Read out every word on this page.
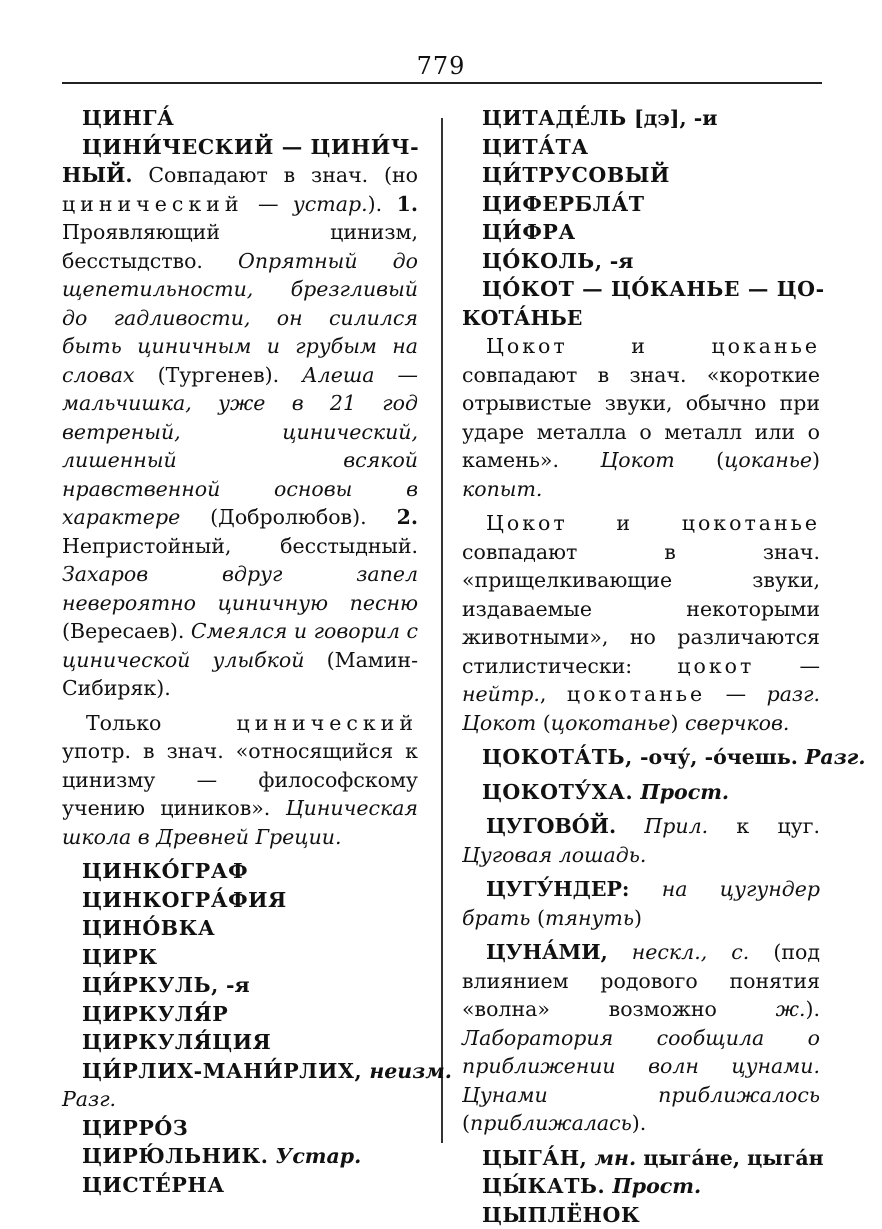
779
ЦИНГА́
ЦИНИ́ЧЕСКИЙ — ЦИНИ́Ч-
НЫЙ. Совпадают в знач. (но цинический — устар.). 1. Проявляющий цинизм, бесстыдство. Опрятный до щепетильности, брезгливый до гадливости, он силился быть циничным и грубым на словах (Тургенев). Алеша — мальчишка, уже в 21 год ветреный, цинический, лишенный всякой нравственной основы в характере (Добролюбов). 2. Непристойный, бесстыдный. Захаров вдруг запел невероятно циничную песню (Вересаев). Смеялся и говорил с цинической улыбкой (Мамин-Сибиряк).
Только цинический употр. в знач. «относящийся к цинизму — философскому учению циников». Циническая школа в Древней Греции.
ЦИНКО́ГРАФ
ЦИНКОГРА́ФИЯ
ЦИНО́ВКА
ЦИРК
ЦИ́РКУЛЬ, -я
ЦИРКУЛЯ́Р
ЦИРКУЛЯ́ЦИЯ
ЦИ́РЛИХ-МАНИ́РЛИХ, неизм.
Разг.
ЦИРРО́З
ЦИРЮ́ЛЬНИК. Устар.
ЦИСТЕ́РНА
ЦИТАДЕ́ЛЬ [дэ], -и
ЦИТА́ТА
ЦИ́ТРУСОВЫЙ
ЦИФЕРБЛА́Т
ЦИ́ФРА
ЦО́КОЛЬ, -я
ЦО́КОТ — ЦО́КАНЬЕ — ЦО-
КОТА́НЬЕ
Цокот и цоканье совпадают в знач. «короткие отрывистые звуки, обычно при ударе металла о металл или о камень». Цокот (цоканье) копыт.
Цокот и цокотанье совпадают в знач. «прищелкивающие звуки, издаваемые некоторыми животными», но различаются стилистически: цокот — нейтр., цокотанье — разг. Цокот (цокотанье) сверчков.
ЦОКОТА́ТЬ, -очу́, -о́чешь. Разг.
ЦОКОТУ́ХА. Прост.
ЦУГОВО́Й. Прил. к цуг. Цуговая лошадь.
ЦУГУ́НДЕР: на цугундер брать (тянуть)
ЦУНА́МИ, нескл., с. (под влиянием родового понятия «волна» возможно ж.). Лаборатория сообщила о приближении волн цунами. Цунами приближалось (приближалась).
ЦЫГА́Н, мн. цыга́не, цыга́н
ЦЫ́КАТЬ. Прост.
ЦЫПЛЁНОК
